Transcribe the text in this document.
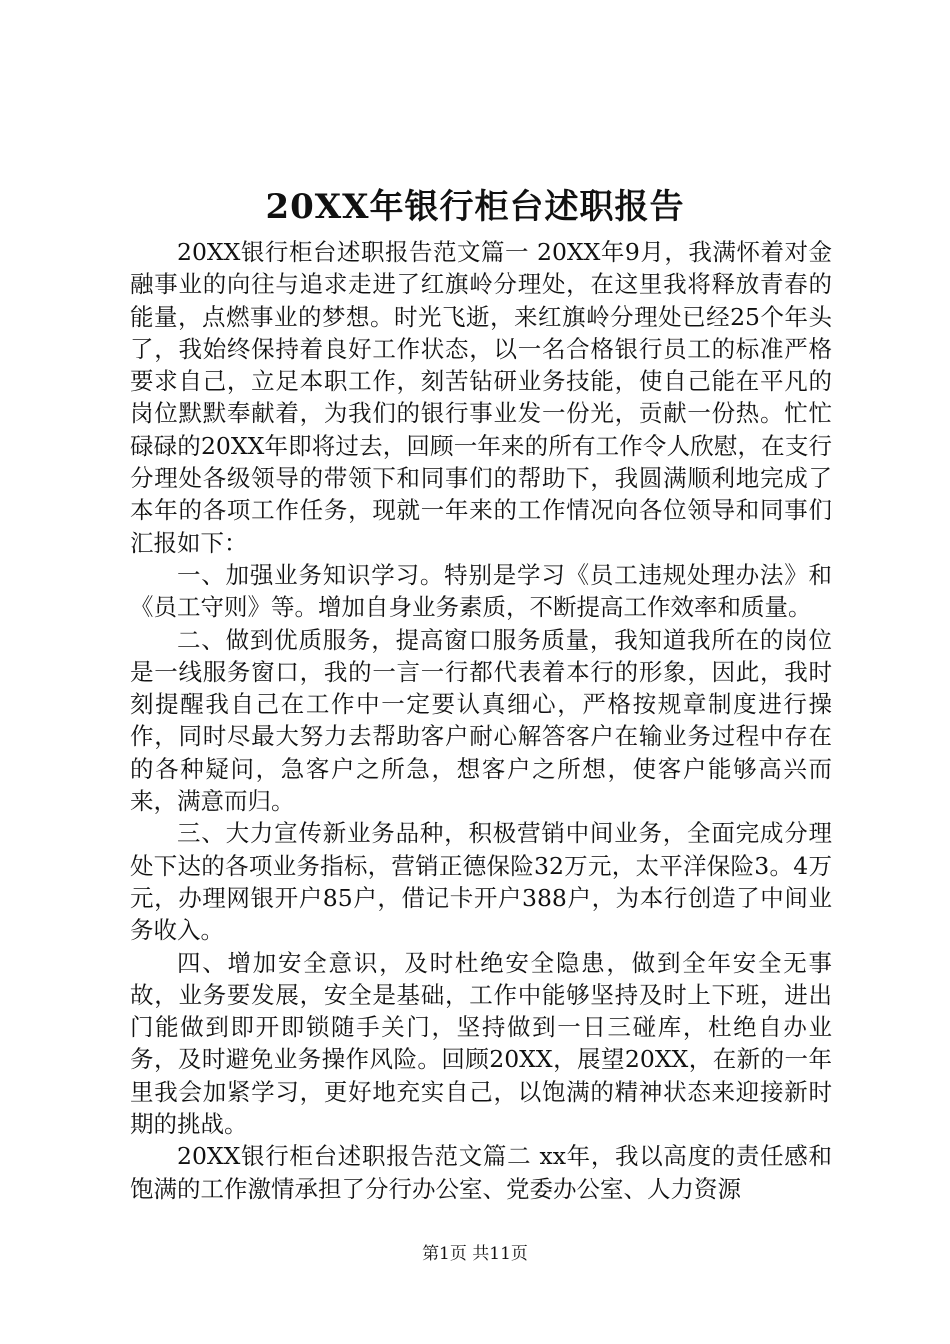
20XX年银行柜台述职报告

20XX银行柜台述职报告范文篇一 20XX年9月，我满怀着对金融事业的向往与追求走进了红旗岭分理处，在这里我将释放青春的能量，点燃事业的梦想。时光飞逝，来红旗岭分理处已经25个年头了，我始终保持着良好工作状态，以一名合格银行员工的标准严格要求自己，立足本职工作，刻苦钻研业务技能，使自己能在平凡的岗位默默奉献着，为我们的银行事业发一份光，贡献一份热。忙忙碌碌的20XX年即将过去，回顾一年来的所有工作令人欣慰，在支行分理处各级领导的带领下和同事们的帮助下，我圆满顺利地完成了本年的各项工作任务，现就一年来的工作情况向各位领导和同事们汇报如下：

一、加强业务知识学习。特别是学习《员工违规处理办法》和《员工守则》等。增加自身业务素质，不断提高工作效率和质量。

二、做到优质服务，提高窗口服务质量，我知道我所在的岗位是一线服务窗口，我的一言一行都代表着本行的形象，因此，我时刻提醒我自己在工作中一定要认真细心，严格按规章制度进行操作，同时尽最大努力去帮助客户耐心解答客户在输业务过程中存在的各种疑问，急客户之所急，想客户之所想，使客户能够高兴而来，满意而归。

三、大力宣传新业务品种，积极营销中间业务，全面完成分理处下达的各项业务指标，营销正德保险32万元，太平洋保险3。4万元，办理网银开户85户，借记卡开户388户，为本行创造了中间业务收入。

四、增加安全意识，及时杜绝安全隐患，做到全年安全无事故，业务要发展，安全是基础，工作中能够坚持及时上下班，进出门能做到即开即锁随手关门，坚持做到一日三碰库，杜绝自办业务，及时避免业务操作风险。回顾20XX，展望20XX，在新的一年里我会加紧学习，更好地充实自己，以饱满的精神状态来迎接新时期的挑战。

20XX银行柜台述职报告范文篇二 xx年，我以高度的责任感和饱满的工作激情承担了分行办公室、党委办公室、人力资源

第1页 共11页
